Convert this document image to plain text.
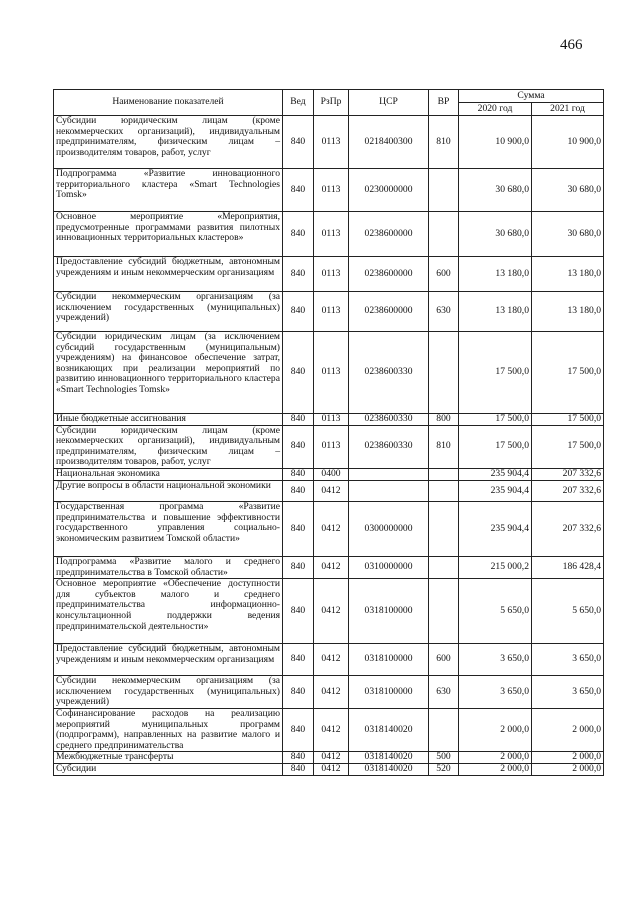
466
Наименование показателей	Вед	РзПр	ЦСР	ВР	Сумма	
					2020 год	2021 год
Субсидии юридическим лицам (кроме некоммерческих организаций), индивидуальным предпринимателям, физическим лицам – производителям товаров, работ, услуг	840	0113	0218400300	810	10 900,0	10 900,0
Подпрограмма «Развитие инновационного территориального кластера «Smart Technologies Tomsk»	840	0113	0230000000		30 680,0	30 680,0
Основное мероприятие «Мероприятия, предусмотренные программами развития пилотных инновационных территориальных кластеров»	840	0113	0238600000		30 680,0	30 680,0
Предоставление субсидий бюджетным, автономным учреждениям и иным некоммерческим организациям	840	0113	0238600000	600	13 180,0	13 180,0
Субсидии некоммерческим организациям (за исключением государственных (муниципальных) учреждений)	840	0113	0238600000	630	13 180,0	13 180,0
Субсидии юридическим лицам (за исключением субсидий государственным (муниципальным) учреждениям) на финансовое обеспечение затрат, возникающих при реализации мероприятий по развитию инновационного территориального кластера «Smart Technologies Tomsk»	840	0113	0238600330		17 500,0	17 500,0
Иные бюджетные ассигнования	840	0113	0238600330	800	17 500,0	17 500,0
Субсидии юридическим лицам (кроме некоммерческих организаций), индивидуальным предпринимателям, физическим лицам – производителям товаров, работ, услуг	840	0113	0238600330	810	17 500,0	17 500,0
Национальная экономика	840	0400			235 904,4	207 332,6
Другие вопросы в области национальной экономики	840	0412			235 904,4	207 332,6
Государственная программа «Развитие предпринимательства и повышение эффективности государственного управления социально-экономическим развитием Томской области»	840	0412	0300000000		235 904,4	207 332,6
Подпрограмма «Развитие малого и среднего предпринимательства в Томской области»	840	0412	0310000000		215 000,2	186 428,4
Основное мероприятие «Обеспечение доступности для субъектов малого и среднего предпринимательства информационно-консультационной поддержки ведения предпринимательской деятельности»	840	0412	0318100000		5 650,0	5 650,0
Предоставление субсидий бюджетным, автономным учреждениям и иным некоммерческим организациям	840	0412	0318100000	600	3 650,0	3 650,0
Субсидии некоммерческим организациям (за исключением государственных (муниципальных) учреждений)	840	0412	0318100000	630	3 650,0	3 650,0
Софинансирование расходов на реализацию мероприятий муниципальных программ (подпрограмм), направленных на развитие малого и среднего предпринимательства	840	0412	0318140020		2 000,0	2 000,0
Межбюджетные трансферты	840	0412	0318140020	500	2 000,0	2 000,0
Субсидии	840	0412	0318140020	520	2 000,0	2 000,0
